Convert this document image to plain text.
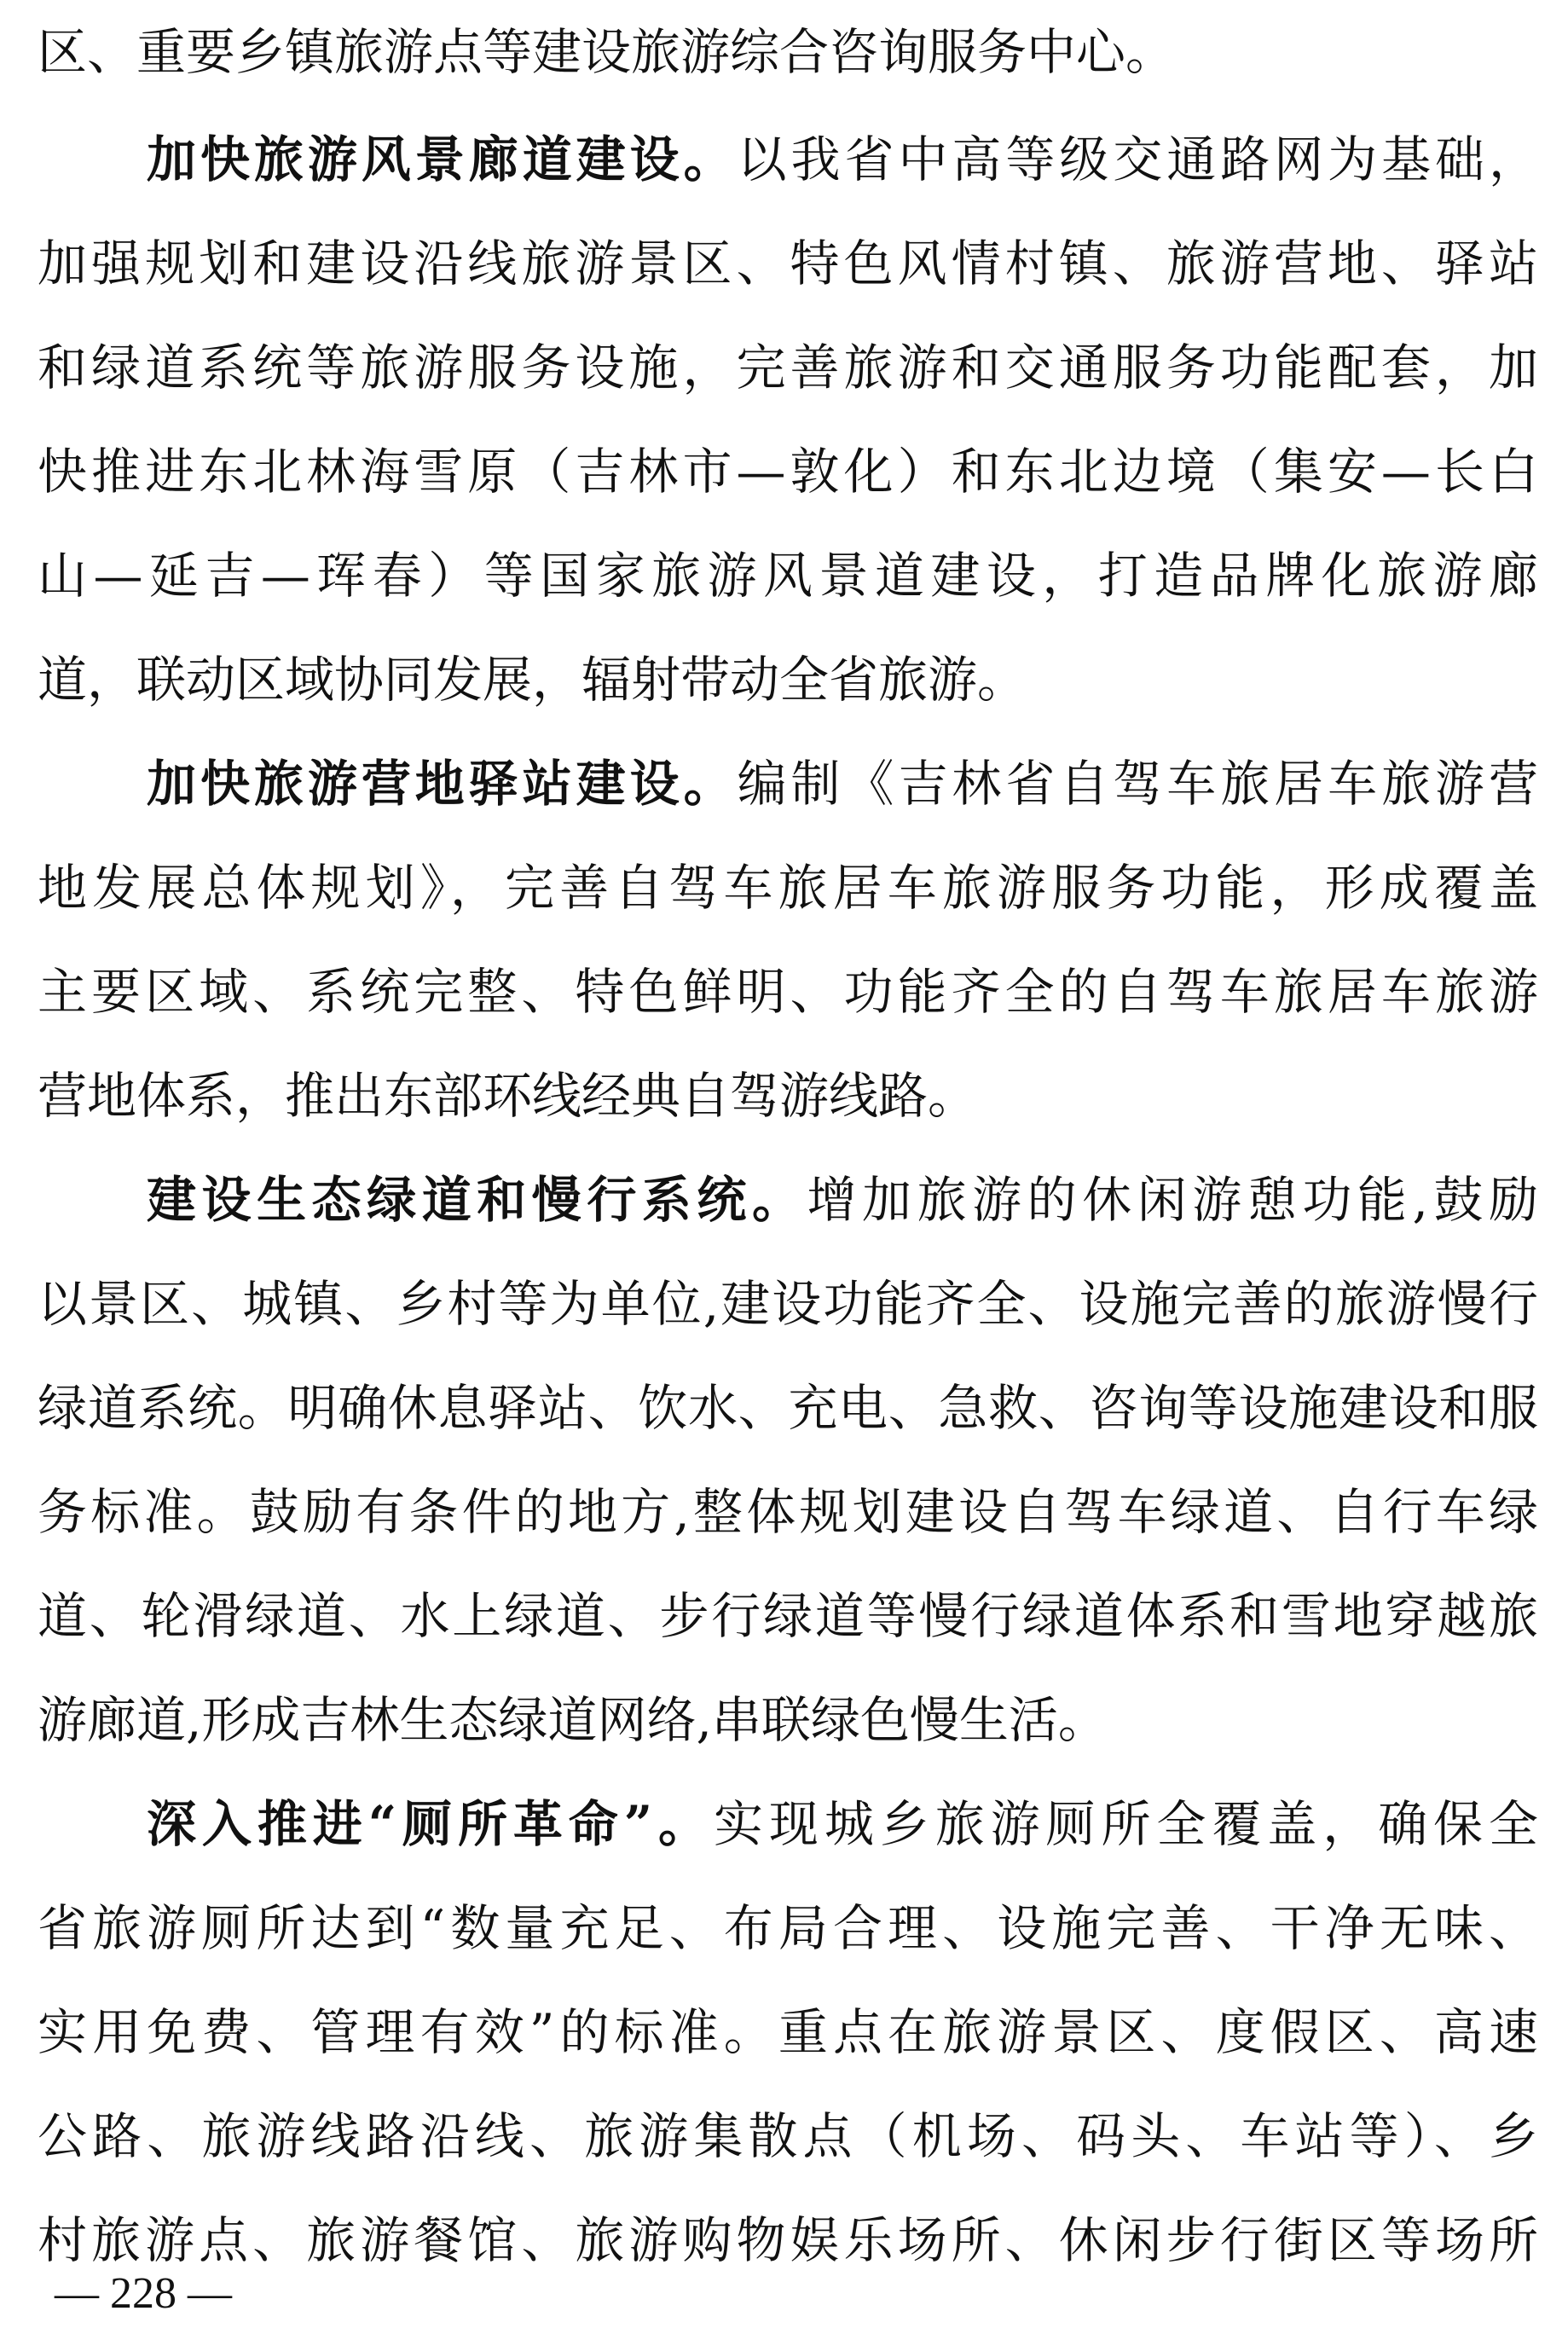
区、重要乡镇旅游点等建设旅游综合咨询服务中心。
加快旅游风景廊道建设。以我省中高等级交通路网为基础，
加强规划和建设沿线旅游景区、特色风情村镇、旅游营地、驿站
和绿道系统等旅游服务设施，完善旅游和交通服务功能配套，加
快推进东北林海雪原（吉林市—敦化）和东北边境（集安—长白
山—延吉—珲春）等国家旅游风景道建设，打造品牌化旅游廊
道，联动区域协同发展，辐射带动全省旅游。
加快旅游营地驿站建设。编制《吉林省自驾车旅居车旅游营
地发展总体规划》，完善自驾车旅居车旅游服务功能，形成覆盖
主要区域、系统完整、特色鲜明、功能齐全的自驾车旅居车旅游
营地体系，推出东部环线经典自驾游线路。
建设生态绿道和慢行系统。增加旅游的休闲游憩功能,鼓励
以景区、城镇、乡村等为单位,建设功能齐全、设施完善的旅游慢行
绿道系统。明确休息驿站、饮水、充电、急救、咨询等设施建设和服
务标准。鼓励有条件的地方,整体规划建设自驾车绿道、自行车绿
道、轮滑绿道、水上绿道、步行绿道等慢行绿道体系和雪地穿越旅
游廊道,形成吉林生态绿道网络,串联绿色慢生活。
深入推进“厕所革命”。实现城乡旅游厕所全覆盖，确保全
省旅游厕所达到“数量充足、布局合理、设施完善、干净无味、
实用免费、管理有效”的标准。重点在旅游景区、度假区、高速
公路、旅游线路沿线、旅游集散点（机场、码头、车站等）、乡
村旅游点、旅游餐馆、旅游购物娱乐场所、休闲步行街区等场所
— 228 —
